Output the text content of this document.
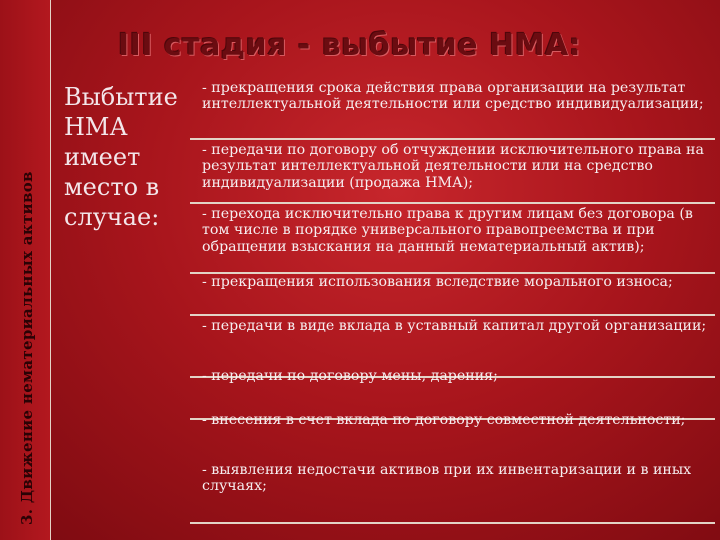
3. Движение нематериальных активов
III стадия - выбытие НМА:
Выбытие НМА имеет место в случае:
- прекращения срока действия права организации на результат интеллектуальной деятельности или средство индивидуализации;
- передачи по договору об отчуждении исключительного права на результат интеллектуальной деятельности или на средство индивидуализации (продажа НМА);
- перехода исключительно права к другим лицам без договора (в том числе в порядке универсального правопреемства и при обращении взыскания на данный нематериальный актив);
- прекращения использования вследствие морального износа;
- передачи в виде вклада в уставный капитал другой организации;
- передачи по договору мены, дарения;
- внесения в счет вклада по договору совместной деятельности;
- выявления недостачи активов при их инвентаризации и в иных случаях;
